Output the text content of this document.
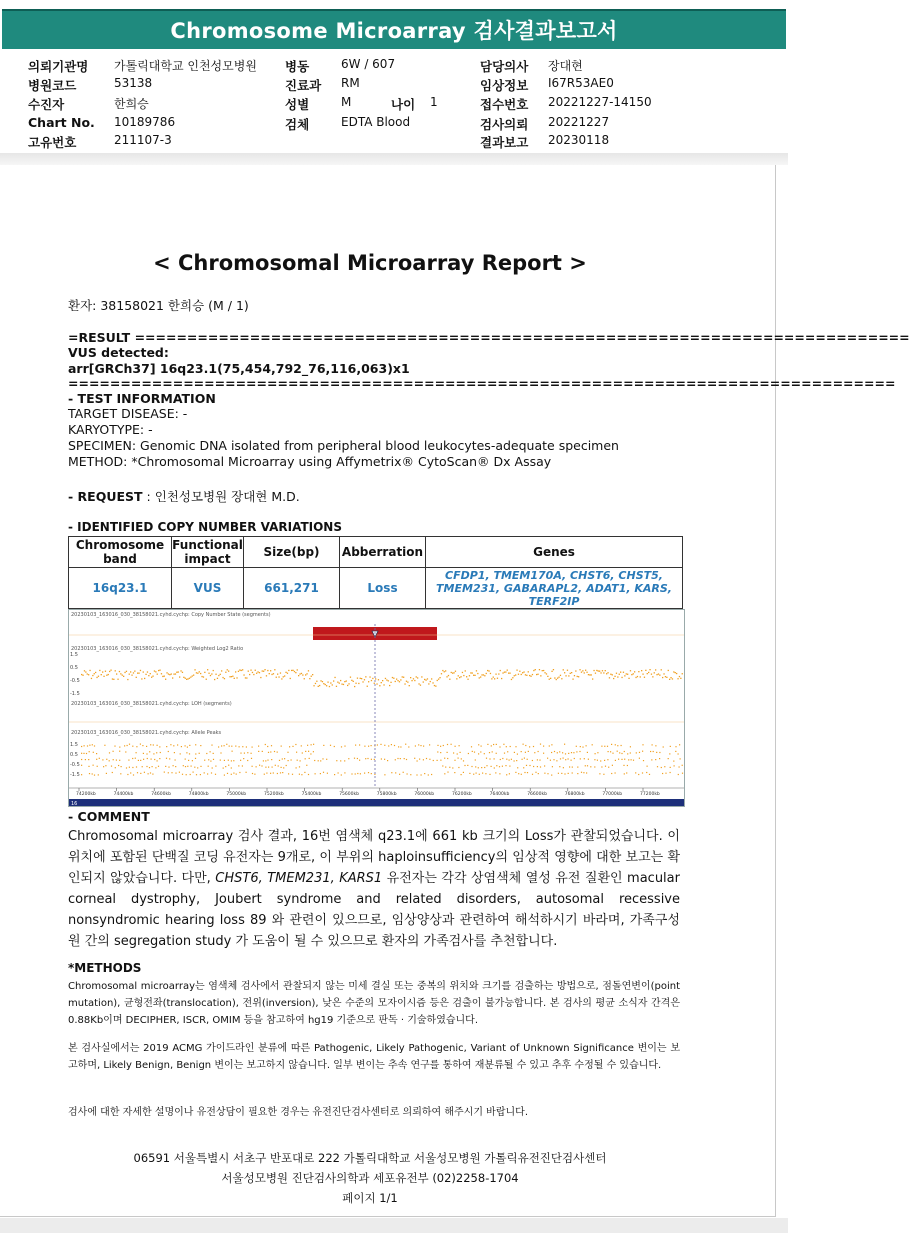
Chromosome Microarray 검사결과보고서
의뢰기관명 가톨릭대학교 인천성모병원
병원코드	53138
수진자	한희승
Chart No. 10189786
고유번호	211107-3
병동	6W / 607
진료과 RM
성별	M
검체	EDTA Blood
담당의사 장대현
임상정보 I67R53AE0
접수번호 20221227-14150
검사의뢰 20221227
결과보고 20230118
나이 1
< Chromosomal Microarray Report >
환자: 38158021 한희승 (M / 1)
=RESULT ==========================================================================
VUS detected:
arr[GRCh37] 16q23.1(75,454,792_76,116,063)x1
===============================================================================
- TEST INFORMATION
TARGET DISEASE: -
KARYOTYPE: -
SPECIMEN: Genomic DNA isolated from peripheral blood leukocytes-adequate specimen
METHOD: *Chromosomal Microarray using Affymetrix® CytoScan® Dx Assay
- REQUEST : 인천성모병원 장대현 M.D.
- IDENTIFIED COPY NUMBER VARIATIONS
Chromosome band	Functional impact	Size(bp)	Abberration	Genes
16q23.1	VUS	661,271	Loss	CFDP1, TMEM170A, CHST6, CHST5,
TMEM231, GABARAPL2, ADAT1, KARS,
TERF2IP
20230103_163016_030_38158021.cyhd.cychp: Copy Number State (segments)
20230103_163016_030_38158021.cyhd.cychp: Weighted Log2 Ratio
1.5
0.5
-0.5
-1.5
20230103_163016_030_38158021.cyhd.cychp: LOH (segments)
20230103_163016_030_38158021.cyhd.cychp: Allele Peaks
1.5
0.5
-0.5
-1.5
74200kb	74400kb	74600kb	74800kb	75000kb	75200kb	75400kb	75600kb	75800kb	76000kb	76200kb	76400kb	76600kb	76800kb	77000kb	77200kb
16
- COMMENT
Chromosomal microarray 검사 결과, 16번 염색체 q23.1에 661 kb 크기의 Loss가 관찰되었습니다. 이 위치에 포함된 단백질 코딩 유전자는 9개로, 이 부위의 haploinsufficiency의 임상적 영향에 대한 보고는 확인되지 않았습니다. 다만, CHST6, TMEM231, KARS1 유전자는 각각 상염색체 열성 유전 질환인 macular corneal dystrophy, Joubert syndrome and related disorders, autosomal recessive nonsyndromic hearing loss 89 와 관련이 있으므로, 임상양상과 관련하여 해석하시기 바라며, 가족구성원 간의 segregation study 가 도움이 될 수 있으므로 환자의 가족검사를 추천합니다.
*METHODS
Chromosomal microarray는 염색체 검사에서 관찰되지 않는 미세 결실 또는 중복의 위치와 크기를 검출하는 방법으로, 점돌연변이(point mutation), 균형전좌(translocation), 전위(inversion), 낮은 수준의 모자이시즘 등은 검출이 불가능합니다. 본 검사의 평균 소식자 간격은 0.88Kb이며 DECIPHER, ISCR, OMIM 등을 참고하여 hg19 기준으로 판독 · 기술하였습니다.
본 검사실에서는 2019 ACMG 가이드라인 분류에 따른 Pathogenic, Likely Pathogenic, Variant of Unknown Significance 변이는 보고하며, Likely Benign, Benign 변이는 보고하지 않습니다. 일부 변이는 추속 연구를 통하여 재분류될 수 있고 추후 수정될 수 있습니다.
검사에 대한 자세한 설명이나 유전상담이 필요한 경우는 유전진단검사센터로 의뢰하여 해주시기 바랍니다.
06591 서울특별시 서초구 반포대로 222 가톨릭대학교 서울성모병원 가톨릭유전진단검사센터
서울성모병원 진단검사의학과 세포유전부 (02)2258-1704
페이지 1/1
